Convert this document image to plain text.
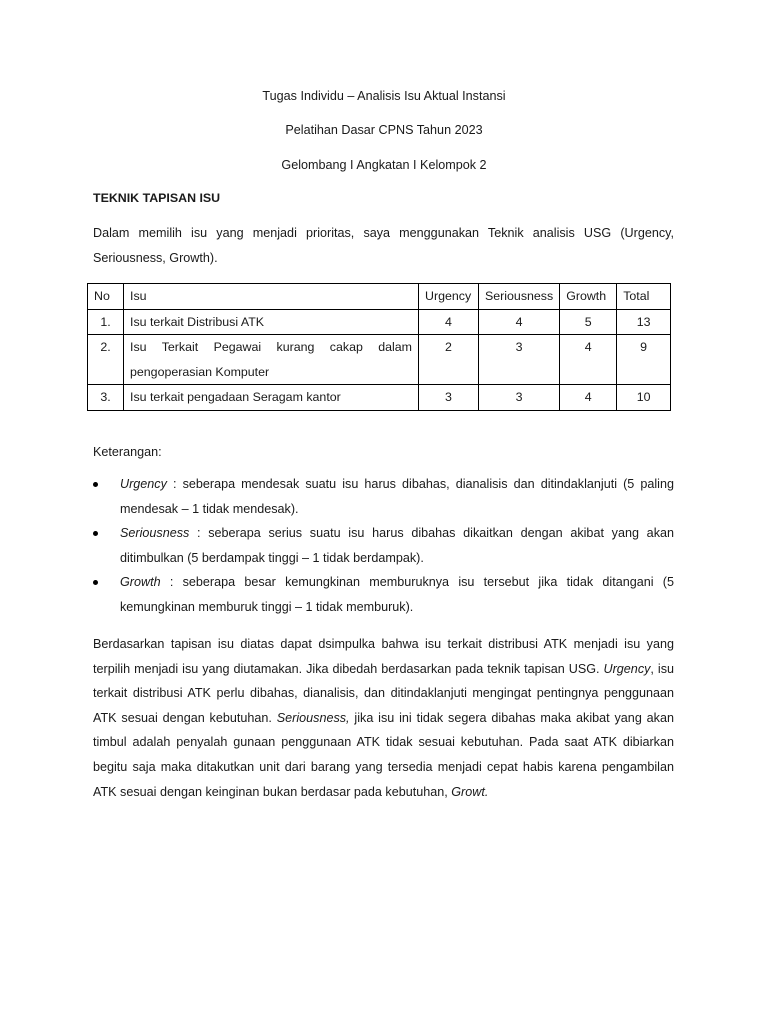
Tugas Individu – Analisis Isu Aktual Instansi
Pelatihan Dasar CPNS Tahun 2023
Gelombang I Angkatan I Kelompok 2
TEKNIK TAPISAN ISU

Dalam memilih isu yang menjadi prioritas, saya menggunakan Teknik analisis USG (Urgency, Seriousness, Growth).

No	Isu	Urgency	Seriousness	Growth	Total
1.	Isu terkait Distribusi ATK	4	4	5	13
2.	Isu Terkait Pegawai kurang cakap dalam pengoperasian Komputer	2	3	4	9
3.	Isu terkait pengadaan Seragam kantor	3	3	4	10
Keterangan:
Urgency : seberapa mendesak suatu isu harus dibahas, dianalisis dan ditindaklanjuti (5 paling mendesak – 1 tidak mendesak).
Seriousness : seberapa serius suatu isu harus dibahas dikaitkan dengan akibat yang akan ditimbulkan (5 berdampak tinggi – 1 tidak berdampak).
Growth : seberapa besar kemungkinan memburuknya isu tersebut jika tidak ditangani (5 kemungkinan memburuk tinggi – 1 tidak memburuk).

Berdasarkan tapisan isu diatas dapat dsimpulka bahwa isu terkait distribusi ATK menjadi isu yang terpilih menjadi isu yang diutamakan. Jika dibedah berdasarkan pada teknik tapisan USG. Urgency, isu terkait distribusi ATK perlu dibahas, dianalisis, dan ditindaklanjuti mengingat pentingnya penggunaan ATK sesuai dengan kebutuhan. Seriousness, jika isu ini tidak segera dibahas maka akibat yang akan timbul adalah penyalah gunaan penggunaan ATK tidak sesuai kebutuhan. Pada saat ATK dibiarkan begitu saja maka ditakutkan unit dari barang yang tersedia menjadi cepat habis karena pengambilan ATK sesuai dengan keinginan bukan berdasar pada kebutuhan, Growt.
